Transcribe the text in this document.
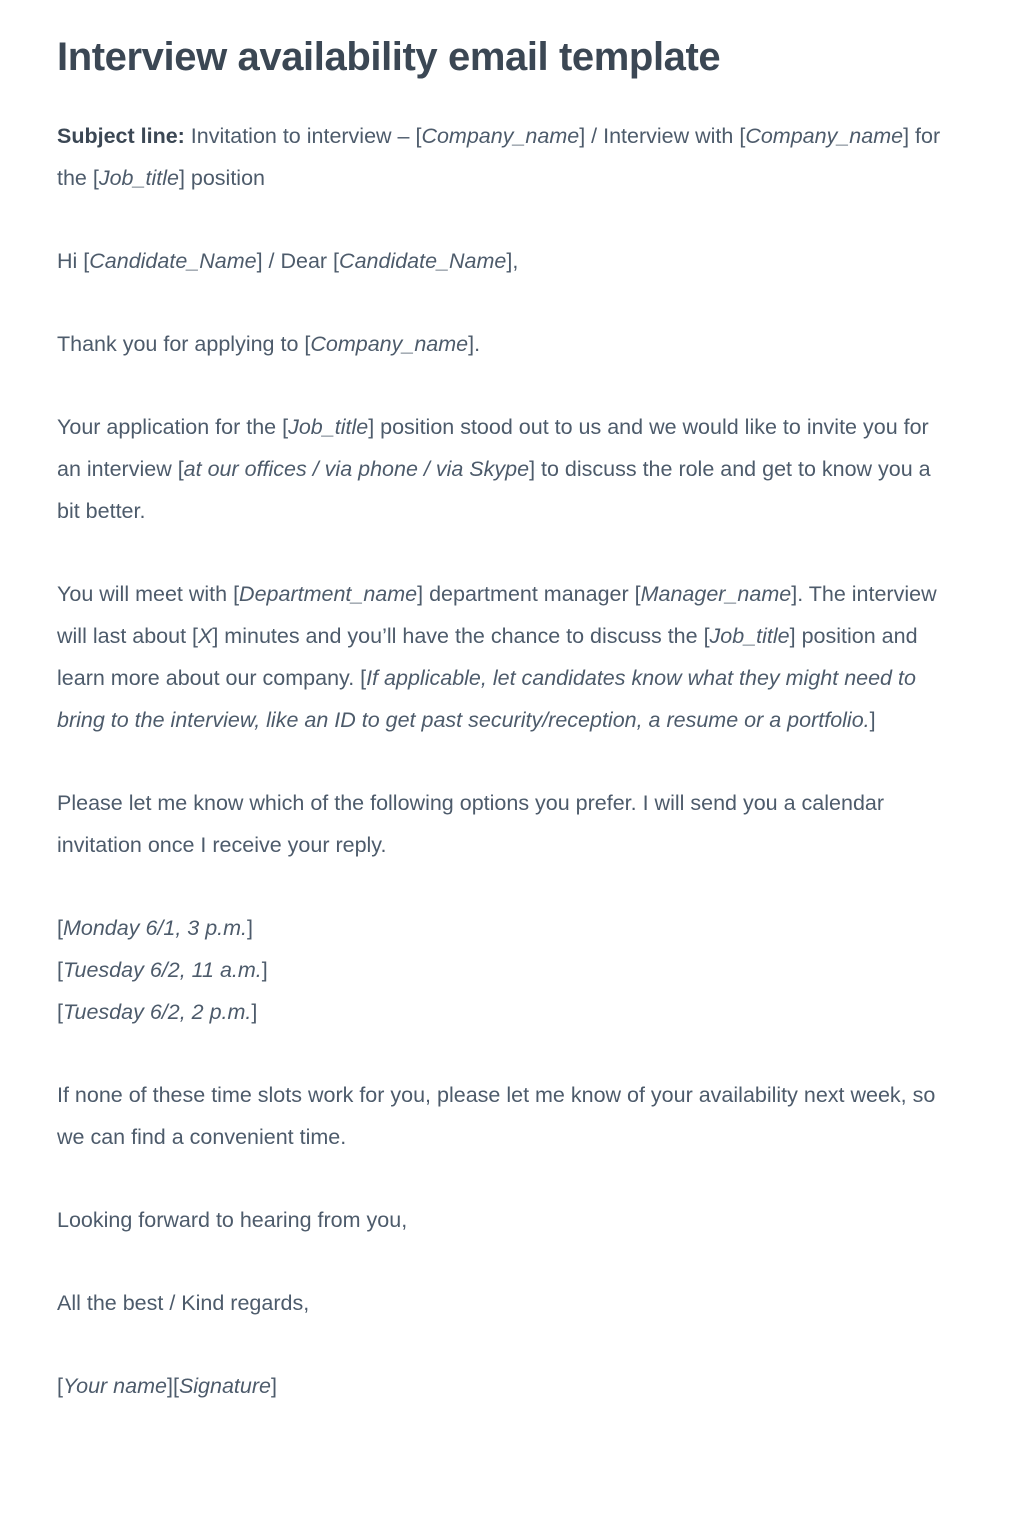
Interview availability email template

Subject line: Invitation to interview – [Company_name] / Interview with [Company_name] for the [Job_title] position

Hi [Candidate_Name] / Dear [Candidate_Name],

Thank you for applying to [Company_name].

Your application for the [Job_title] position stood out to us and we would like to invite you for an interview [at our offices / via phone / via Skype] to discuss the role and get to know you a bit better.

You will meet with [Department_name] department manager [Manager_name]. The interview will last about [X] minutes and you’ll have the chance to discuss the [Job_title] position and learn more about our company. [If applicable, let candidates know what they might need to bring to the interview, like an ID to get past security/reception, a resume or a portfolio.]

Please let me know which of the following options you prefer. I will send you a calendar invitation once I receive your reply.

[Monday 6/1, 3 p.m.]
[Tuesday 6/2, 11 a.m.]
[Tuesday 6/2, 2 p.m.]

If none of these time slots work for you, please let me know of your availability next week, so we can find a convenient time.

Looking forward to hearing from you,

All the best / Kind regards,

[Your name][Signature]
